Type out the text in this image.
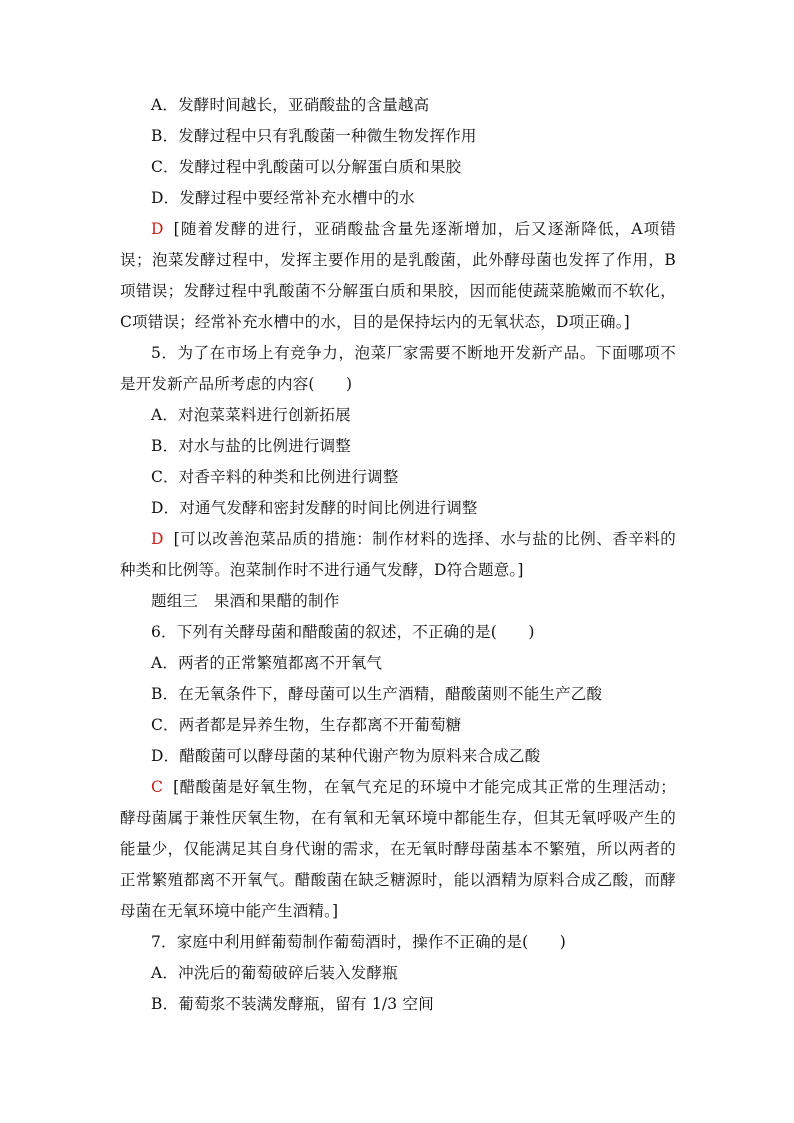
A．发酵时间越长，亚硝酸盐的含量越高
B．发酵过程中只有乳酸菌一种微生物发挥作用
C．发酵过程中乳酸菌可以分解蛋白质和果胶
D．发酵过程中要经常补充水槽中的水
D [随着发酵的进行，亚硝酸盐含量先逐渐增加，后又逐渐降低，A项错误；泡菜发酵过程中，发挥主要作用的是乳酸菌，此外酵母菌也发挥了作用，B项错误；发酵过程中乳酸菌不分解蛋白质和果胶，因而能使蔬菜脆嫩而不软化，C项错误；经常补充水槽中的水，目的是保持坛内的无氧状态，D项正确。]
5．为了在市场上有竞争力，泡菜厂家需要不断地开发新产品。下面哪项不是开发新产品所考虑的内容(　　)
A．对泡菜菜料进行创新拓展
B．对水与盐的比例进行调整
C．对香辛料的种类和比例进行调整
D．对通气发酵和密封发酵的时间比例进行调整
D [可以改善泡菜品质的措施：制作材料的选择、水与盐的比例、香辛料的种类和比例等。泡菜制作时不进行通气发酵，D符合题意。]
题组三　果酒和果醋的制作
6．下列有关酵母菌和醋酸菌的叙述，不正确的是(　　)
A．两者的正常繁殖都离不开氧气
B．在无氧条件下，酵母菌可以生产酒精，醋酸菌则不能生产乙酸
C．两者都是异养生物，生存都离不开葡萄糖
D．醋酸菌可以酵母菌的某种代谢产物为原料来合成乙酸
C [醋酸菌是好氧生物，在氧气充足的环境中才能完成其正常的生理活动；酵母菌属于兼性厌氧生物，在有氧和无氧环境中都能生存，但其无氧呼吸产生的能量少，仅能满足其自身代谢的需求，在无氧时酵母菌基本不繁殖，所以两者的正常繁殖都离不开氧气。醋酸菌在缺乏糖源时，能以酒精为原料合成乙酸，而酵母菌在无氧环境中能产生酒精。]
7．家庭中利用鲜葡萄制作葡萄酒时，操作不正确的是(　　)
A．冲洗后的葡萄破碎后装入发酵瓶
B．葡萄浆不装满发酵瓶，留有 1/3 空间
